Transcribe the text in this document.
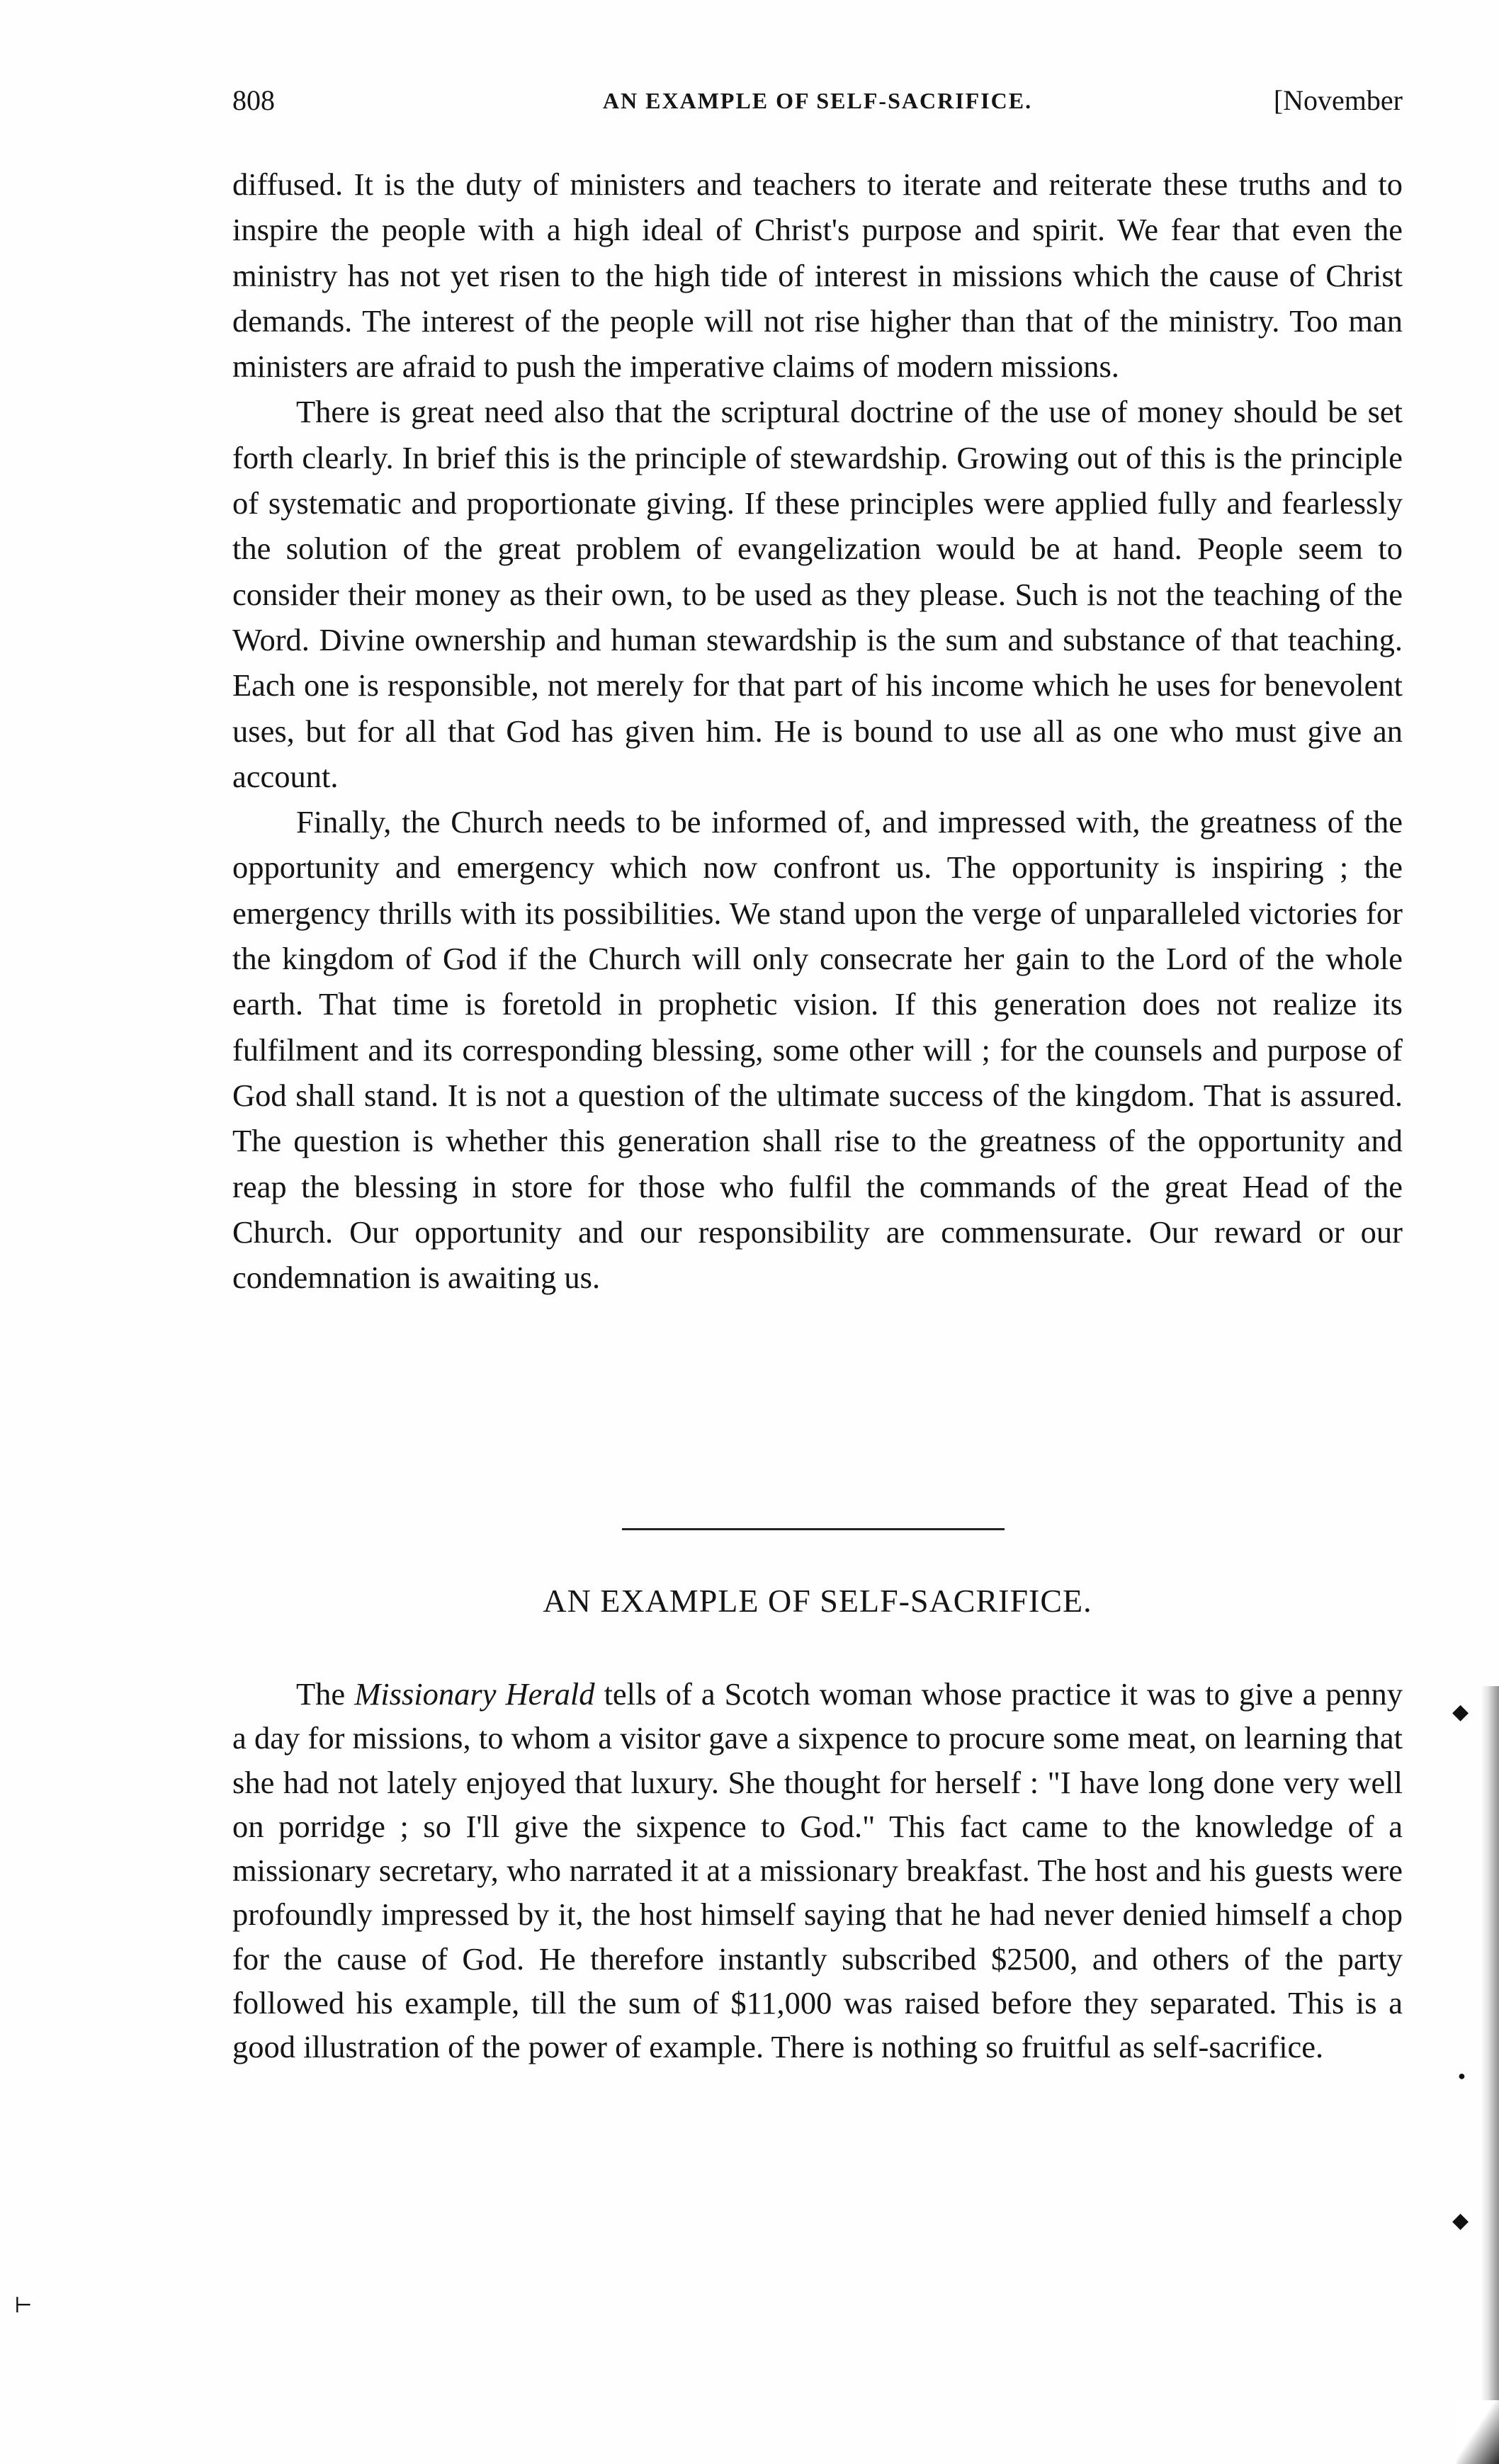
808	AN EXAMPLE OF SELF-SACRIFICE.	[November

diffused. It is the duty of ministers and teachers to iterate and reiterate these truths and to inspire the people with a high ideal of Christ's purpose and spirit. We fear that even the ministry has not yet risen to the high tide of interest in missions which the cause of Christ demands. The interest of the people will not rise higher than that of the ministry. Too man ministers are afraid to push the imperative claims of modern missions.

There is great need also that the scriptural doctrine of the use of money should be set forth clearly. In brief this is the principle of stewardship. Growing out of this is the principle of systematic and proportionate giving. If these principles were applied fully and fearlessly the solution of the great problem of evangelization would be at hand. People seem to consider their money as their own, to be used as they please. Such is not the teaching of the Word. Divine ownership and human stewardship is the sum and substance of that teaching. Each one is responsible, not merely for that part of his income which he uses for benevolent uses, but for all that God has given him. He is bound to use all as one who must give an account.

Finally, the Church needs to be informed of, and impressed with, the greatness of the opportunity and emergency which now confront us. The opportunity is inspiring ; the emergency thrills with its possibilities. We stand upon the verge of unparalleled victories for the kingdom of God if the Church will only consecrate her gain to the Lord of the whole earth. That time is foretold in prophetic vision. If this generation does not realize its fulfilment and its corresponding blessing, some other will ; for the counsels and purpose of God shall stand. It is not a question of the ultimate success of the kingdom. That is assured. The question is whether this generation shall rise to the greatness of the opportunity and reap the blessing in store for those who fulfil the commands of the great Head of the Church. Our opportunity and our responsibility are commensurate. Our reward or our condemnation is awaiting us.

AN EXAMPLE OF SELF-SACRIFICE.

The Missionary Herald tells of a Scotch woman whose practice it was to give a penny a day for missions, to whom a visitor gave a sixpence to procure some meat, on learning that she had not lately enjoyed that luxury. She thought for herself : "I have long done very well on porridge ; so I'll give the sixpence to God." This fact came to the knowledge of a missionary secretary, who narrated it at a missionary breakfast. The host and his guests were profoundly impressed by it, the host himself saying that he had never denied himself a chop for the cause of God. He therefore instantly subscribed $2500, and others of the party followed his example, till the sum of $11,000 was raised before they separated. This is a good illustration of the power of example. There is nothing so fruitful as self-sacrifice.

◆
●
◆
⊢
